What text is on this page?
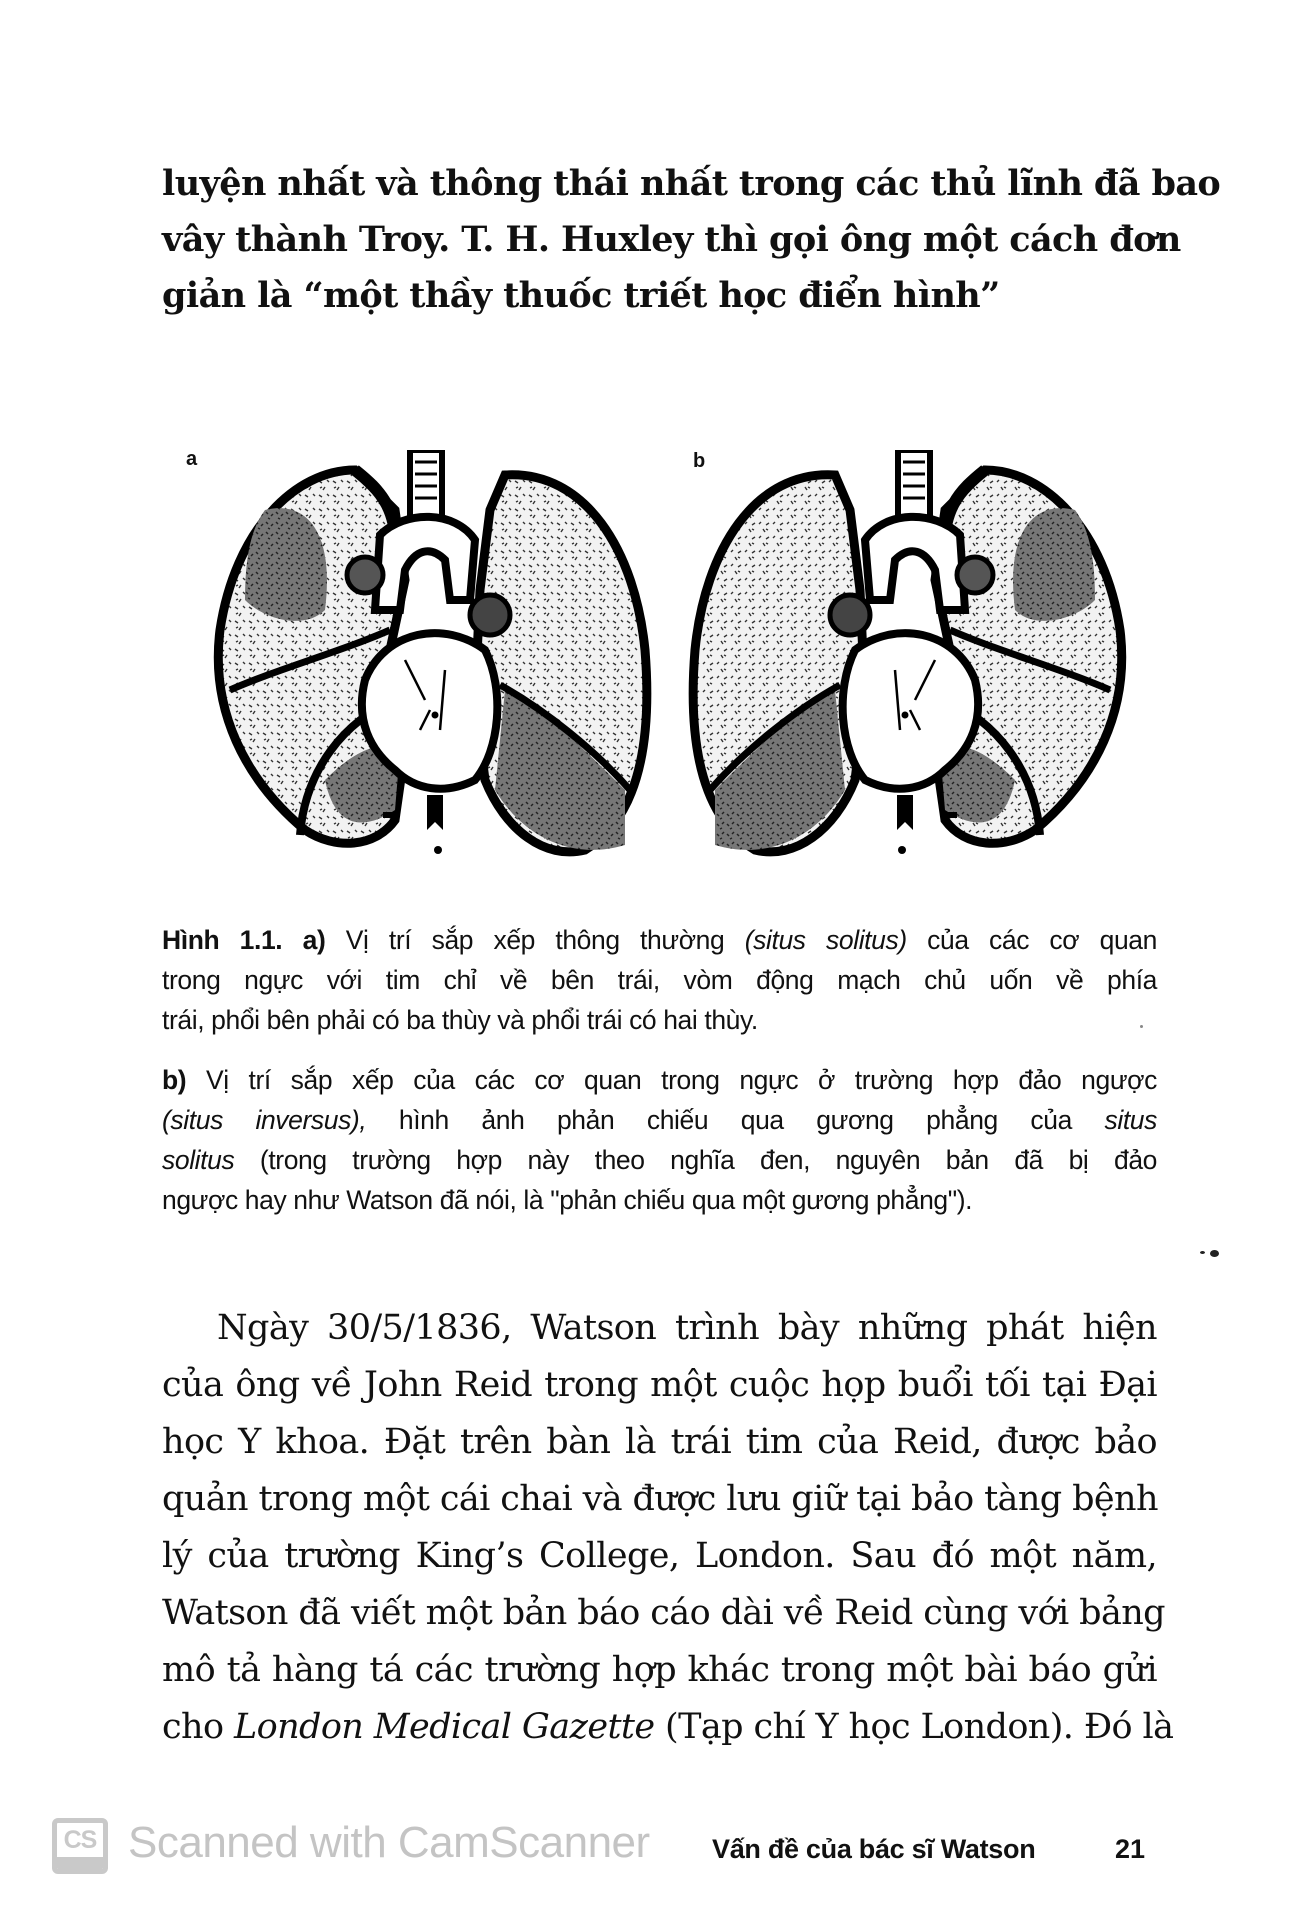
luyện nhất và thông thái nhất trong các thủ lĩnh đã bao
vây thành Troy. T. H. Huxley thì gọi ông một cách đơn
giản là “một thầy thuốc triết học điển hình”
a	b
Hình 1.1. a) Vị trí sắp xếp thông thường (situs solitus) của các cơ quan
trong ngực với tim chỉ về bên trái, vòm động mạch chủ uốn về phía
trái, phổi bên phải có ba thùy và phổi trái có hai thùy.
b) Vị trí sắp xếp của các cơ quan trong ngực ở trường hợp đảo ngược
(situs inversus), hình ảnh phản chiếu qua gương phẳng của situs
solitus (trong trường hợp này theo nghĩa đen, nguyên bản đã bị đảo
ngược hay như Watson đã nói, là "phản chiếu qua một gương phẳng").
Ngày 30/5/1836, Watson trình bày những phát hiện
của ông về John Reid trong một cuộc họp buổi tối tại Đại
học Y khoa. Đặt trên bàn là trái tim của Reid, được bảo
quản trong một cái chai và được lưu giữ tại bảo tàng bệnh
lý của trường King’s College, London. Sau đó một năm,
Watson đã viết một bản báo cáo dài về Reid cùng với bảng
mô tả hàng tá các trường hợp khác trong một bài báo gửi
cho London Medical Gazette (Tạp chí Y học London). Đó là
CS Scanned with CamScanner Vấn đề của bác sĩ Watson	21
